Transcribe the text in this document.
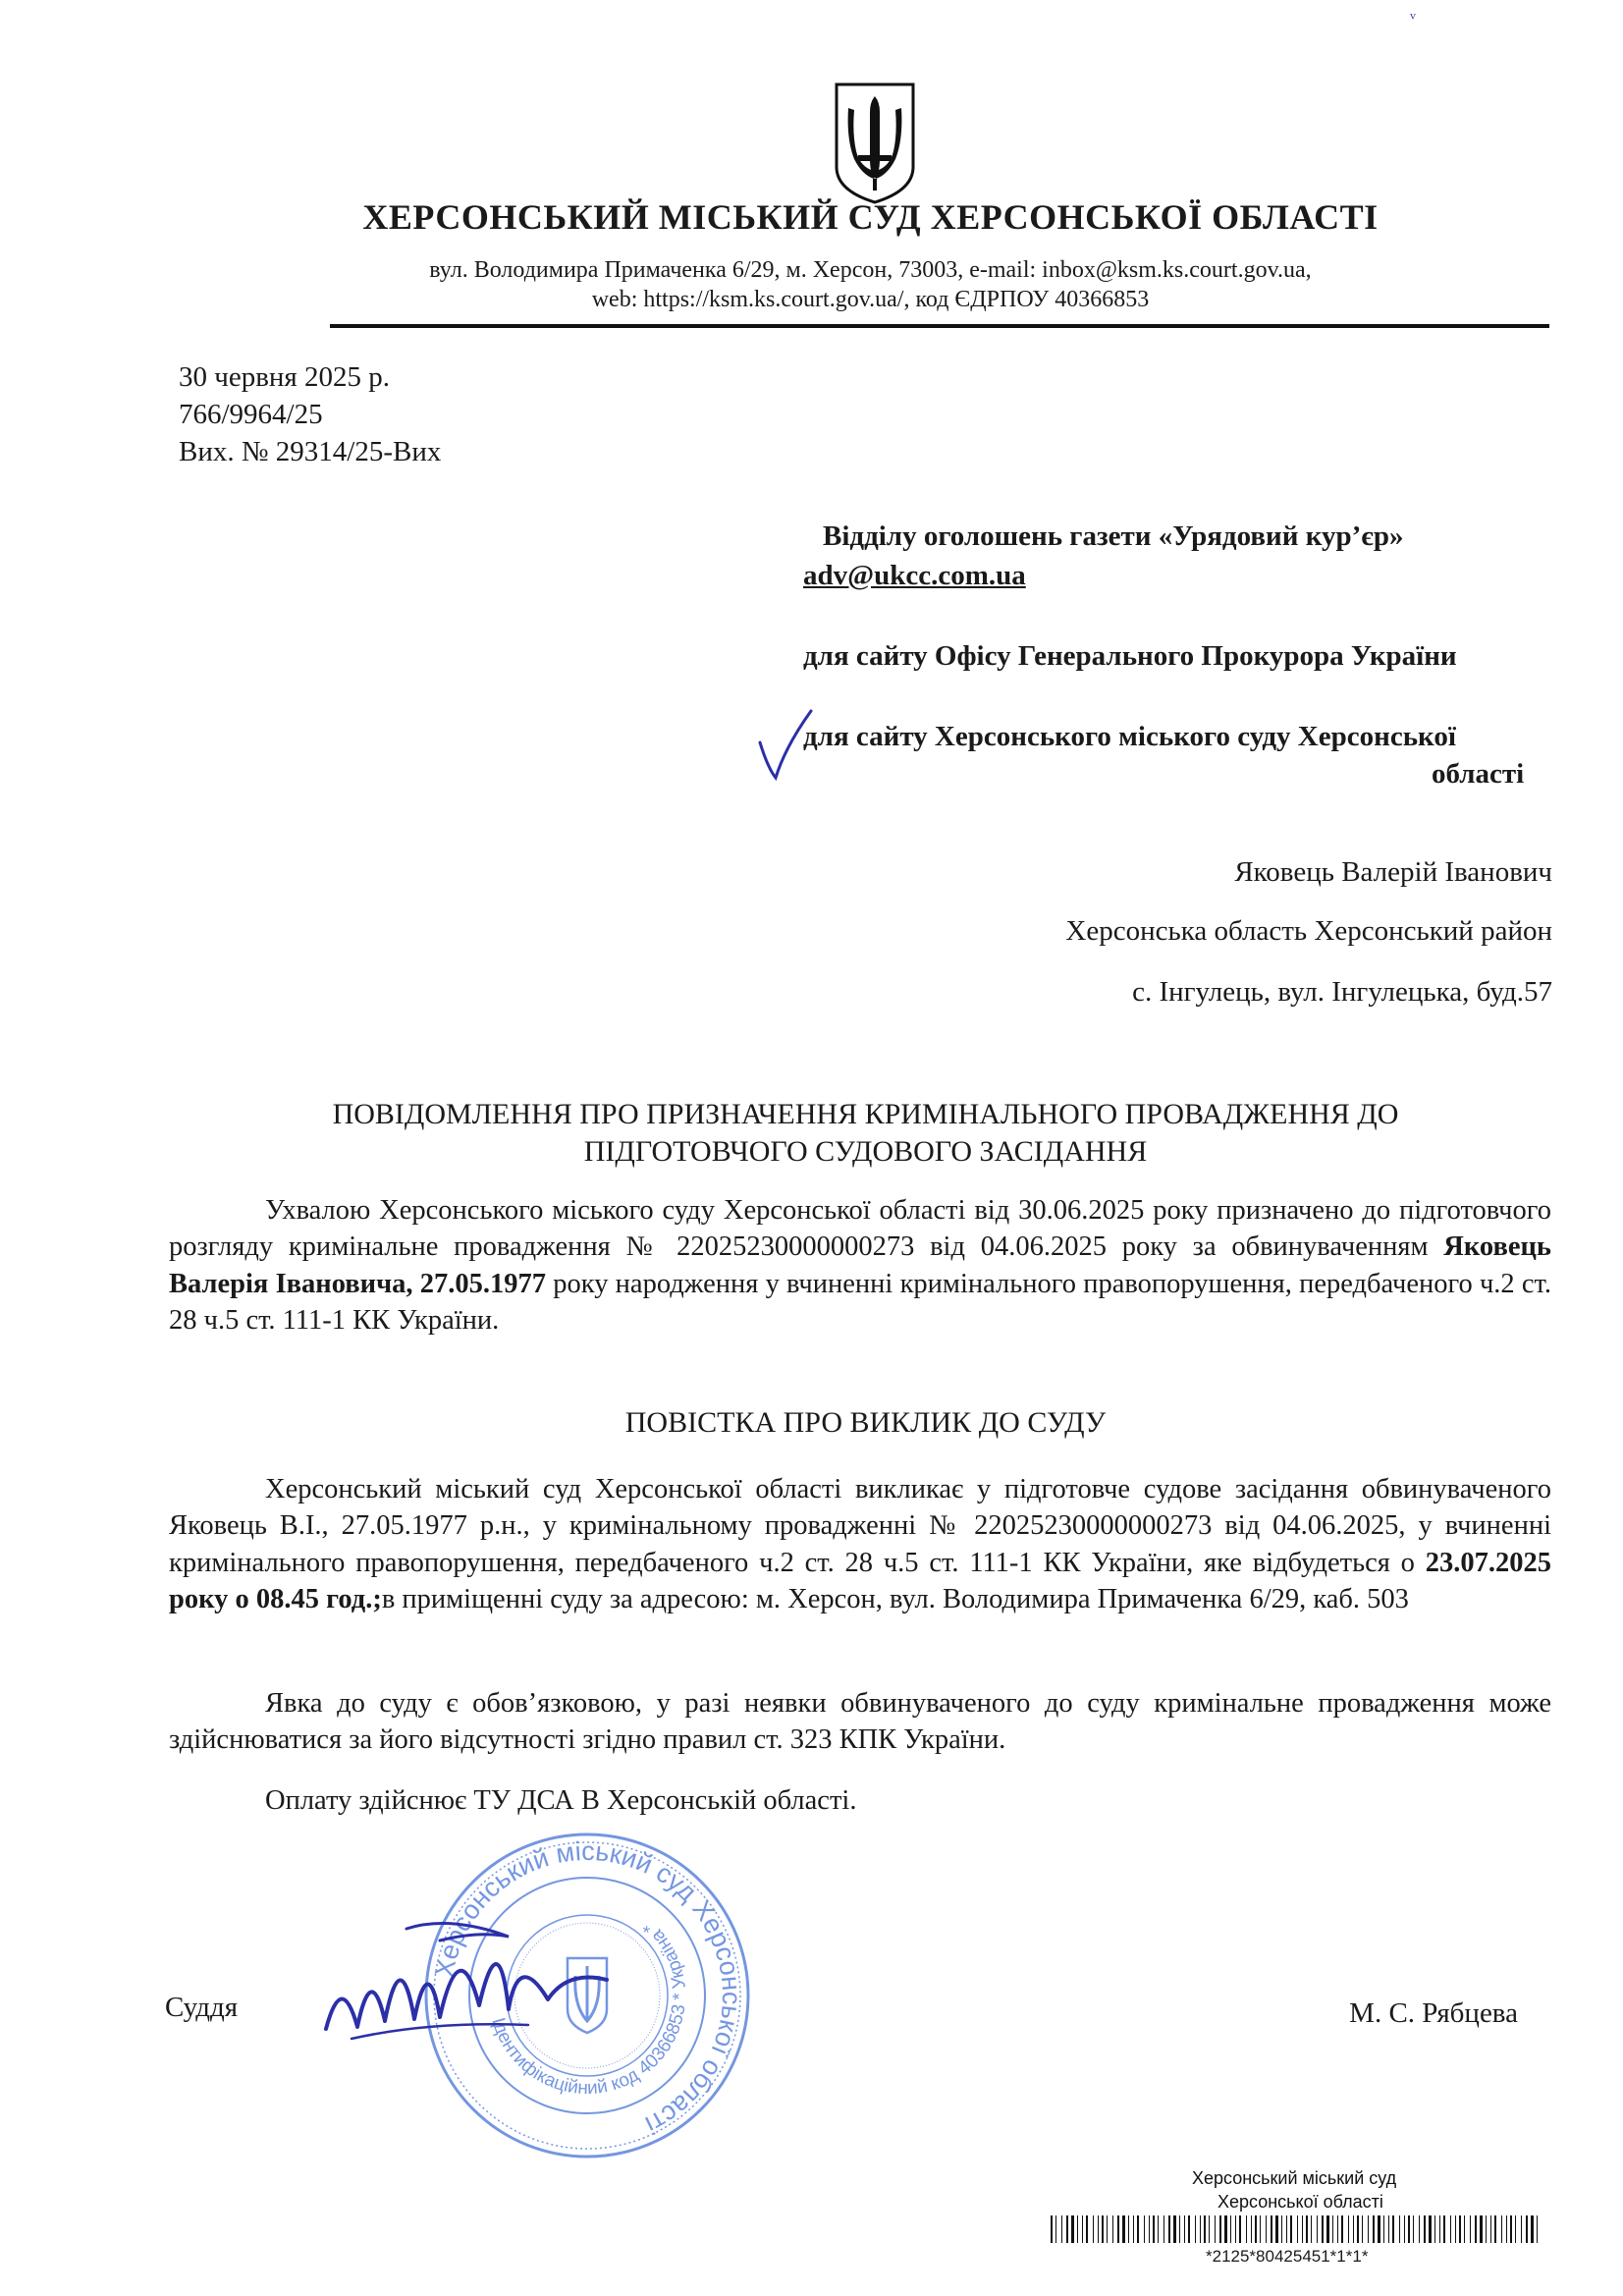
ᵛ
ХЕРСОНСЬКИЙ МІСЬКИЙ СУД ХЕРСОНСЬКОЇ ОБЛАСТІ
вул. Володимира Примаченка 6/29, м. Херсон, 73003, e-mail: inbox@ksm.ks.court.gov.ua,
web: https://ksm.ks.court.gov.ua/, код ЄДРПОУ 40366853
30 червня 2025 р.
766/9964/25
Вих. № 29314/25-Вих
Відділу оголошень газети «Урядовий кур’єр»
adv@ukcc.com.ua
для сайту Офісу Генерального Прокурора України
для сайту Херсонського міського суду Херсонської
області
Яковець Валерій Іванович
Херсонська область Херсонський район
с. Інгулець, вул. Інгулецька, буд.57
ПОВІДОМЛЕННЯ ПРО ПРИЗНАЧЕННЯ КРИМІНАЛЬНОГО ПРОВАДЖЕННЯ ДО
ПІДГОТОВЧОГО СУДОВОГО ЗАСІДАННЯ

Ухвалою Херсонського міського суду Херсонської області від 30.06.2025 року призначено до підготовчого розгляду кримінальне провадження № 22025230000000273 від 04.06.2025 року за обвинуваченням Яковець Валерія Івановича, 27.05.1977 року народження у вчиненні кримінального правопорушення, передбаченого ч.2 ст. 28 ч.5 ст. 111-1 КК України.

ПОВІСТКА ПРО ВИКЛИК ДО СУДУ

Херсонський міський суд Херсонської області викликає у підготовче судове засідання обвинуваченого Яковець В.І., 27.05.1977 р.н., у кримінальному провадженні № 22025230000000273 від 04.06.2025, у вчиненні кримінального правопорушення, передбаченого ч.2 ст. 28 ч.5 ст. 111-1 КК України, яке відбудеться о 23.07.2025 року о 08.45 год.;в приміщенні суду за адресою: м. Херсон, вул. Володимира Примаченка 6/29, каб. 503

Явка до суду є обов’язковою, у разі неявки обвинуваченого до суду кримінальне провадження може здійснюватися за його відсутності згідно правил ст. 323 КПК України.

Оплату здійснює ТУ ДСА В Херсонській області.
Херсонський міський суд Херсонської області
Ідентифікаційний код 40366853 * Україна *
Суддя	М. С. Рябцева
Херсонський міський суд
Херсонської області
*2125*80425451*1*1*
